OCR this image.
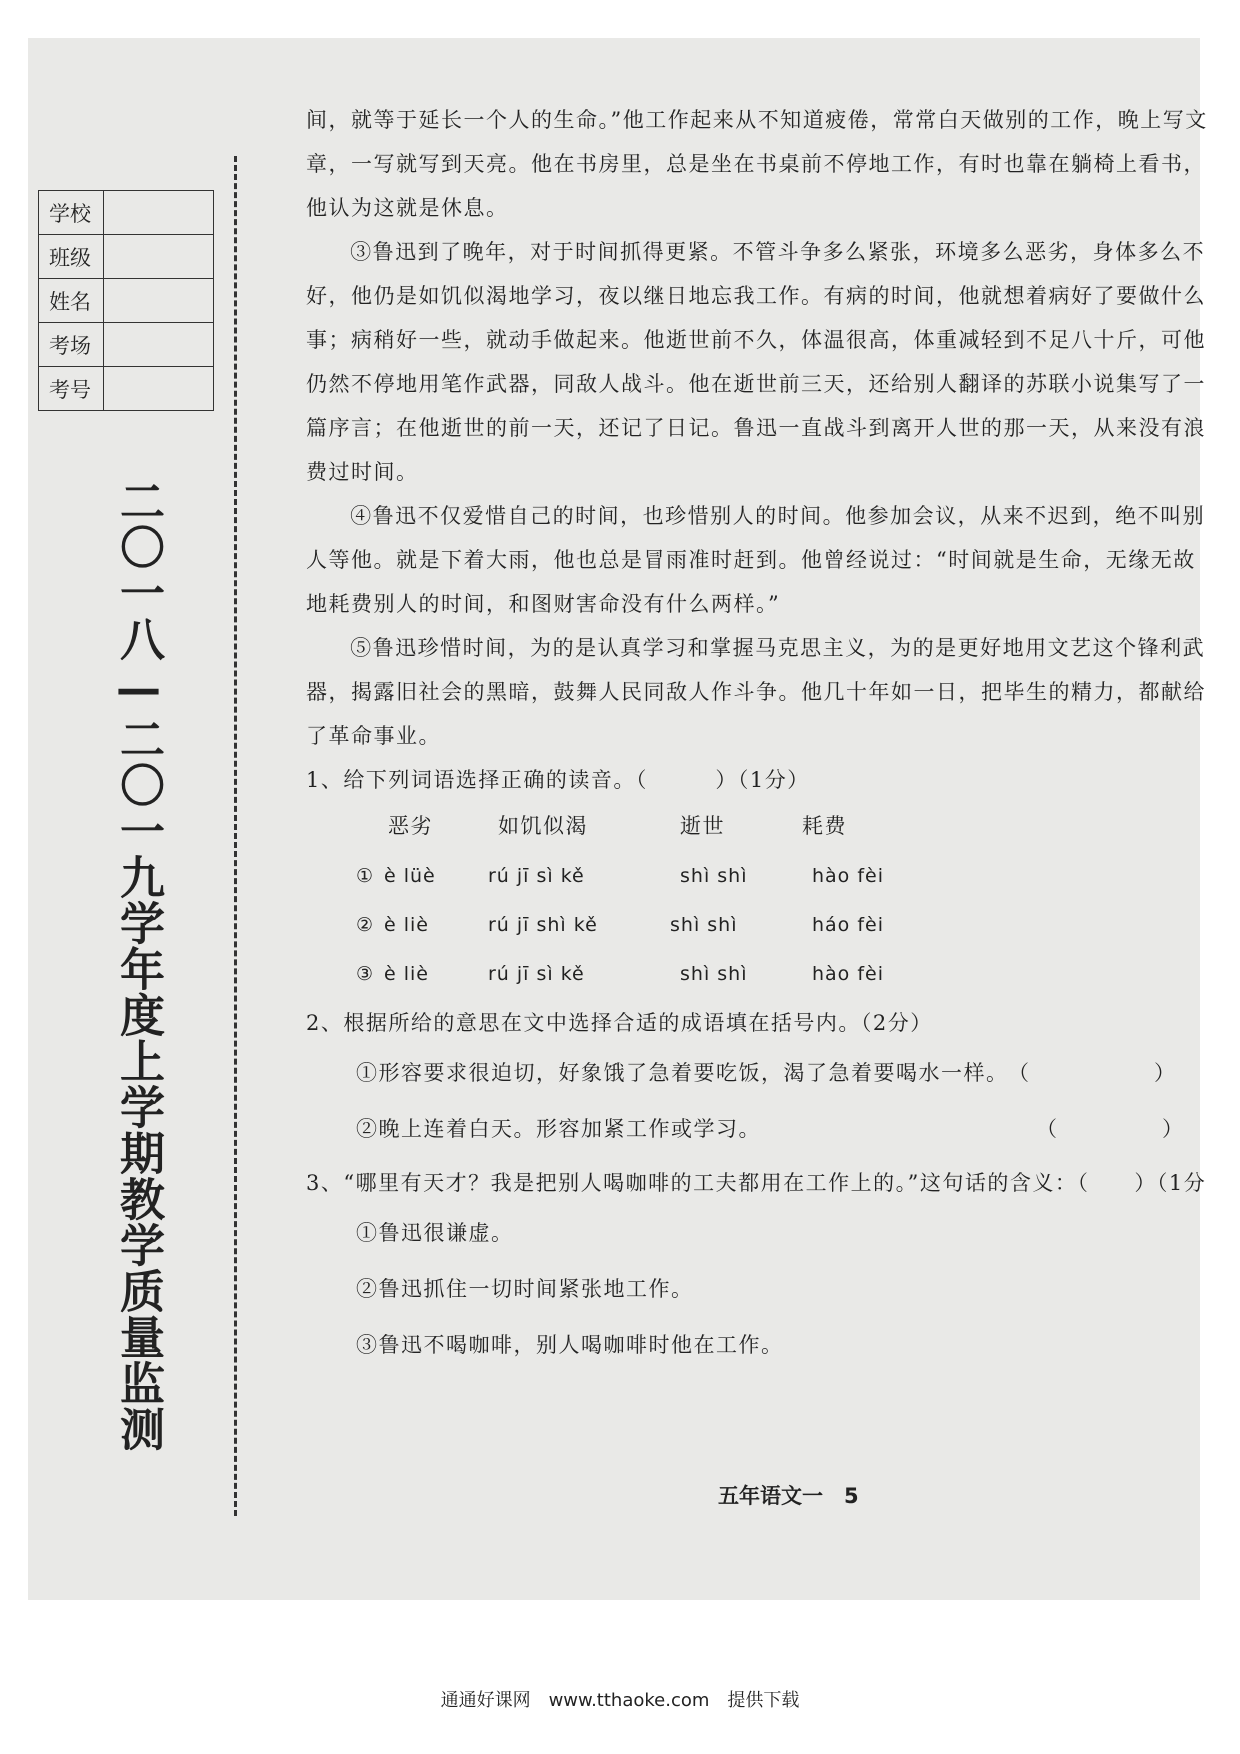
学校	
班级	
姓名	
考场	
考号	
二〇一八—二〇一九学年度上学期教学质量监测

间，就等于延长一个人的生命。”他工作起来从不知道疲倦，常常白天做别的工作，晚上写文

章，一写就写到天亮。他在书房里，总是坐在书桌前不停地工作，有时也靠在躺椅上看书，

他认为这就是休息。

③鲁迅到了晚年，对于时间抓得更紧。不管斗争多么紧张，环境多么恶劣，身体多么不好，他仍是如饥似渴地学习，夜以继日地忘我工作。有病的时间，他就想着病好了要做什么事；病稍好一些，就动手做起来。他逝世前不久，体温很高，体重减轻到不足八十斤，可他仍然不停地用笔作武器，同敌人战斗。他在逝世前三天，还给别人翻译的苏联小说集写了一篇序言；在他逝世的前一天，还记了日记。鲁迅一直战斗到离开人世的那一天，从来没有浪费过时间。

④鲁迅不仅爱惜自己的时间，也珍惜别人的时间。他参加会议，从来不迟到，绝不叫别人等他。就是下着大雨，他也总是冒雨准时赶到。他曾经说过：“时间就是生命，无缘无故地耗费别人的时间，和图财害命没有什么两样。”

⑤鲁迅珍惜时间，为的是认真学习和掌握马克思主义，为的是更好地用文艺这个锋利武器，揭露旧社会的黑暗，鼓舞人民同敌人作斗争。他几十年如一日，把毕生的精力，都献给了革命事业。

1、给下列词语选择正确的读音。（　　　）（1分）

恶劣	如饥似渴	逝世	耗费
① è lüè	rú jī sì kě	shì shì	hào fèi
② è liè	rú jī shì kě	shì shì	háo fèi
③ è liè	rú jī sì kě	shì shì	hào fèi

2、根据所给的意思在文中选择合适的成语填在括号内。（2分）

①形容要求很迫切，好象饿了急着要吃饭，渴了急着要喝水一样。 （	）
②晚上连着白天。形容加紧工作或学习。	（	）

3、“哪里有天才？我是把别人喝咖啡的工夫都用在工作上的。”这句话的含义：（　　）（1分

①鲁迅很谦虚。
②鲁迅抓住一切时间紧张地工作。
③鲁迅不喝咖啡，别人喝咖啡时他在工作。
五年语文一　5
通通好课网　www.tthaoke.com　提供下载
